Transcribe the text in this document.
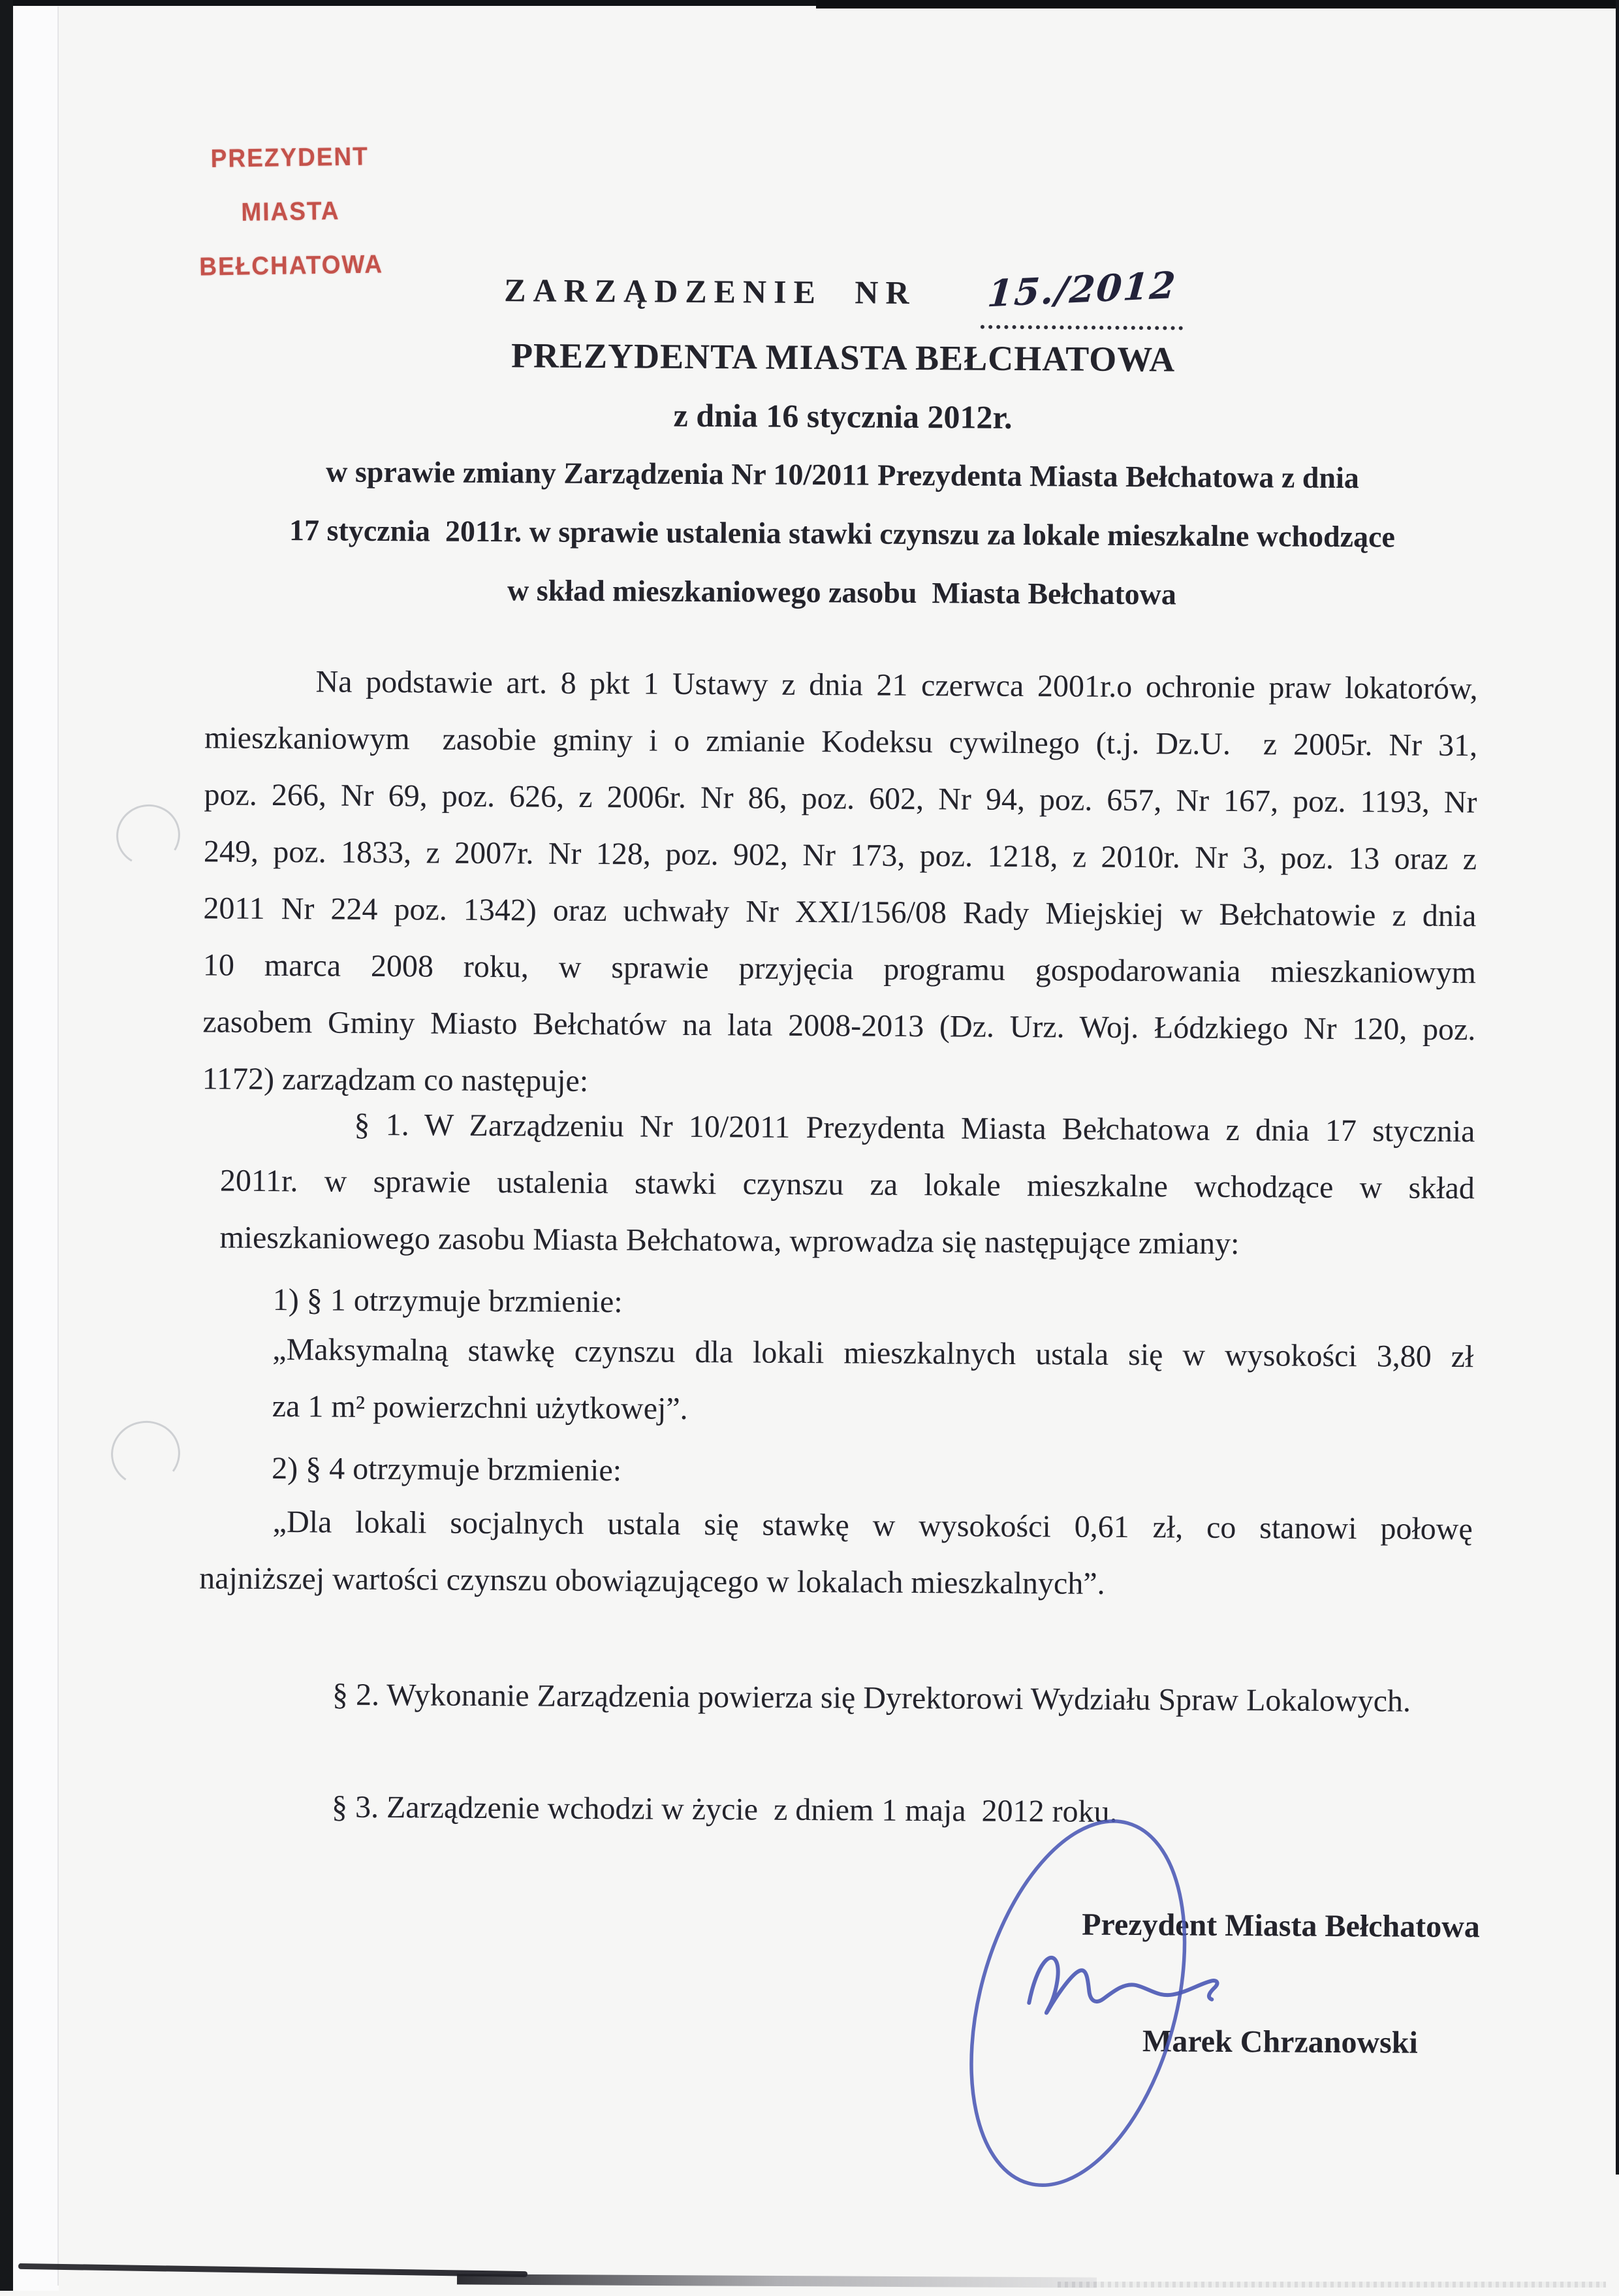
PREZYDENT MIASTA
BEŁCHATOWA
ZARZĄDZENIE NR 15./2012
PREZYDENTA MIASTA BEŁCHATOWA
z dnia 16 stycznia 2012r.
w sprawie zmiany Zarządzenia Nr 10/2011 Prezydenta Miasta Bełchatowa z dnia
17 stycznia  2011r. w sprawie ustalenia stawki czynszu za lokale mieszkalne wchodzące
w skład mieszkaniowego zasobu  Miasta Bełchatowa
Na podstawie art. 8 pkt 1 Ustawy z dnia 21 czerwca 2001r.o ochronie praw lokatorów,
mieszkaniowym  zasobie gminy i o zmianie Kodeksu cywilnego (t.j. Dz.U.  z 2005r. Nr 31,
poz. 266, Nr 69, poz. 626, z 2006r. Nr 86, poz. 602, Nr 94, poz. 657, Nr 167, poz. 1193, Nr
249, poz. 1833, z 2007r. Nr 128, poz. 902, Nr 173, poz. 1218, z 2010r. Nr 3, poz. 13 oraz z
2011 Nr 224 poz. 1342) oraz uchwały Nr XXI/156/08 Rady Miejskiej w Bełchatowie z dnia
10 marca 2008 roku, w sprawie przyjęcia programu gospodarowania mieszkaniowym
zasobem Gminy Miasto Bełchatów na lata 2008-2013 (Dz. Urz. Woj. Łódzkiego Nr 120, poz.
1172) zarządzam co następuje:
§ 1. W Zarządzeniu Nr 10/2011 Prezydenta Miasta Bełchatowa z dnia 17 stycznia
2011r. w sprawie ustalenia stawki czynszu za lokale mieszkalne wchodzące w skład
mieszkaniowego zasobu Miasta Bełchatowa, wprowadza się następujące zmiany:
1) § 1 otrzymuje brzmienie:
„Maksymalną stawkę czynszu dla lokali mieszkalnych ustala się w wysokości 3,80 zł
za 1 m² powierzchni użytkowej”.
2) § 4 otrzymuje brzmienie:
„Dla lokali socjalnych ustala się stawkę w wysokości 0,61 zł, co stanowi połowę
najniższej wartości czynszu obowiązującego w lokalach mieszkalnych”.
§ 2. Wykonanie Zarządzenia powierza się Dyrektorowi Wydziału Spraw Lokalowych.
§ 3. Zarządzenie wchodzi w życie  z dniem 1 maja  2012 roku.
Prezydent Miasta Bełchatowa
Marek Chrzanowski
